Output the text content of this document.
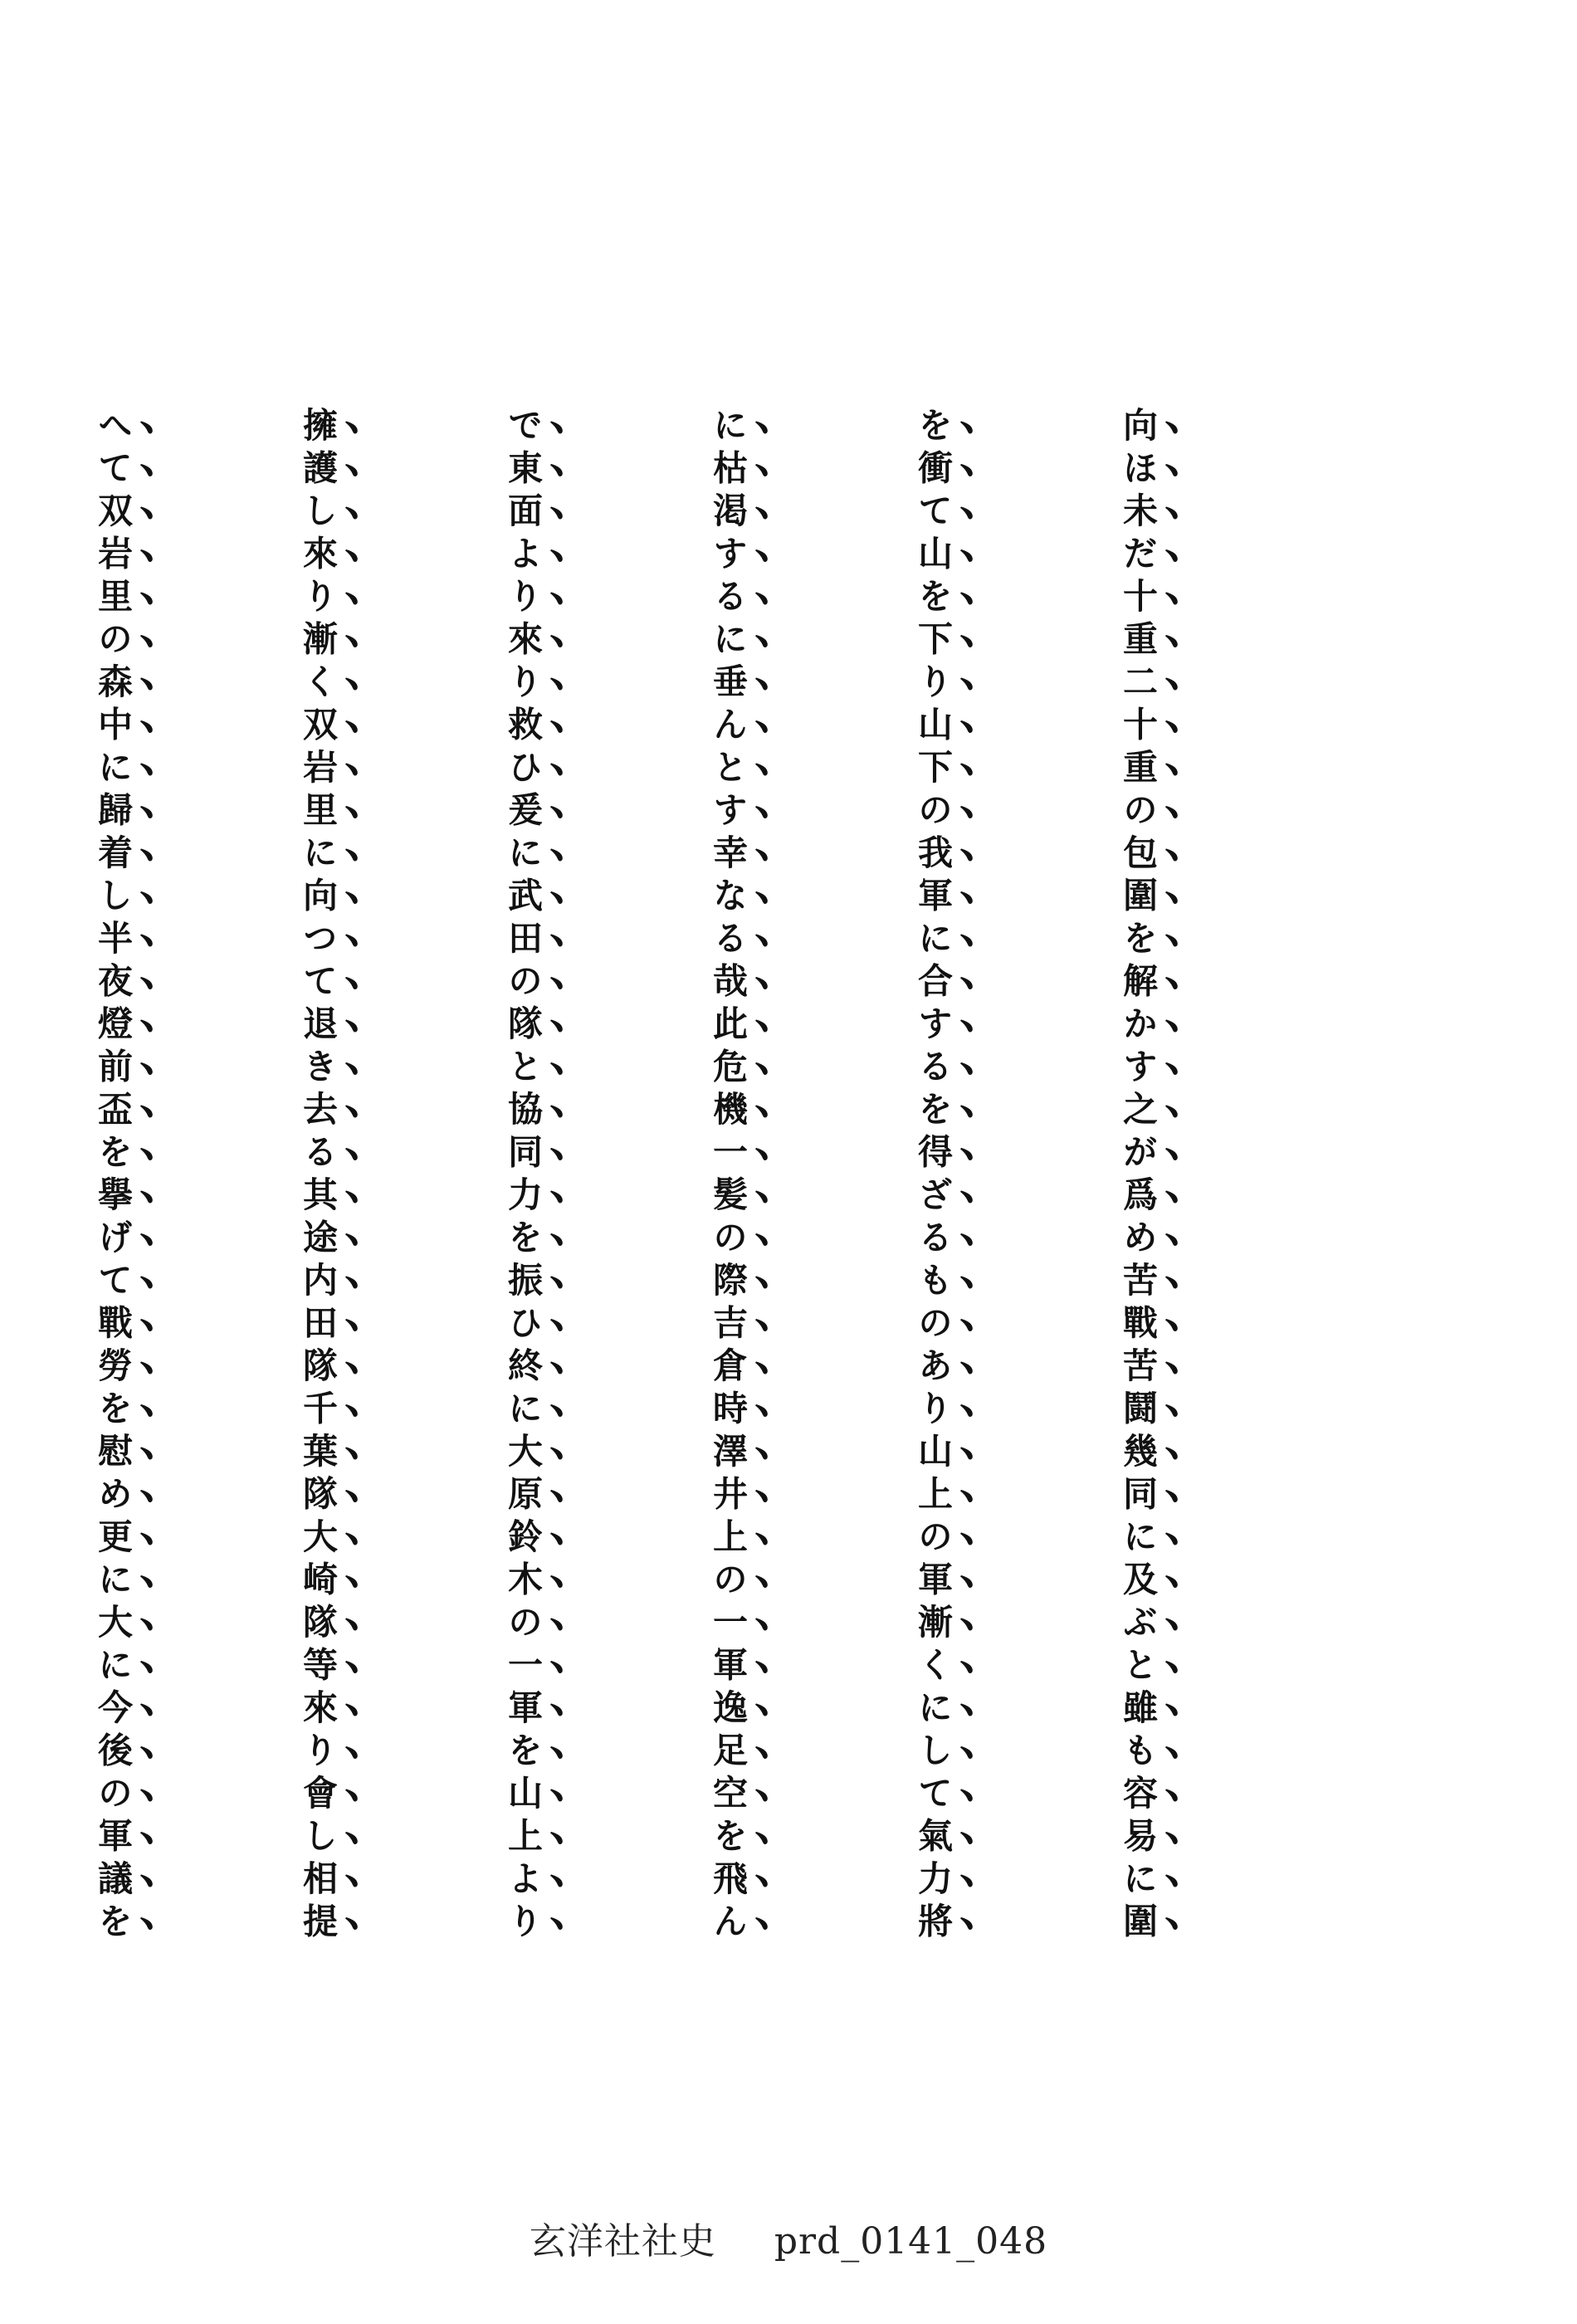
向ほ未だ十重二十重の包圍を解かす之が爲め苦戰苦鬪幾同に及ぶと雖も容易に圍

を衝て山を下り山下の我軍に合するを得ざるものあり山上の軍漸くにして氣力將

に枯渇するに垂んとす幸なる哉此危機一髪の際吉倉時澤井上の一軍逸足空を飛ん

で東面より來り救ひ爰に武田の隊と協同力を振ひ終に大原鈴木の一軍を山上より

擁護し來り漸く双岩里に向つて退き去る其途内田隊千葉隊大崎隊等來り會し相提

へて双岩里の森中に歸着し半夜燈前盃を擧げて戰勞を慰め更に大に今後の軍議を

玄洋社社史 prd_0141_048
